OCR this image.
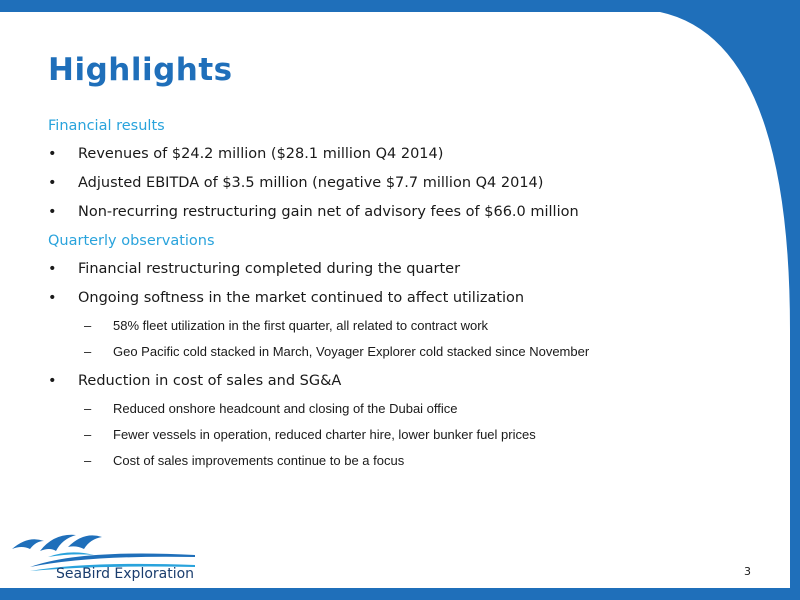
Highlights
Financial results
• Revenues of $24.2 million ($28.1 million Q4 2014)
• Adjusted EBITDA of $3.5 million (negative $7.7 million Q4 2014)
• Non-recurring restructuring gain net of advisory fees of $66.0 million
Quarterly observations
• Financial restructuring completed during the quarter
• Ongoing softness in the market continued to affect utilization
– 58% fleet utilization in the first quarter, all related to contract work
– Geo Pacific cold stacked in March, Voyager Explorer cold stacked since November
• Reduction in cost of sales and SG&A
– Reduced onshore headcount and closing of the Dubai office
– Fewer vessels in operation, reduced charter hire, lower bunker fuel prices
– Cost of sales improvements continue to be a focus
SeaBird Exploration	3
